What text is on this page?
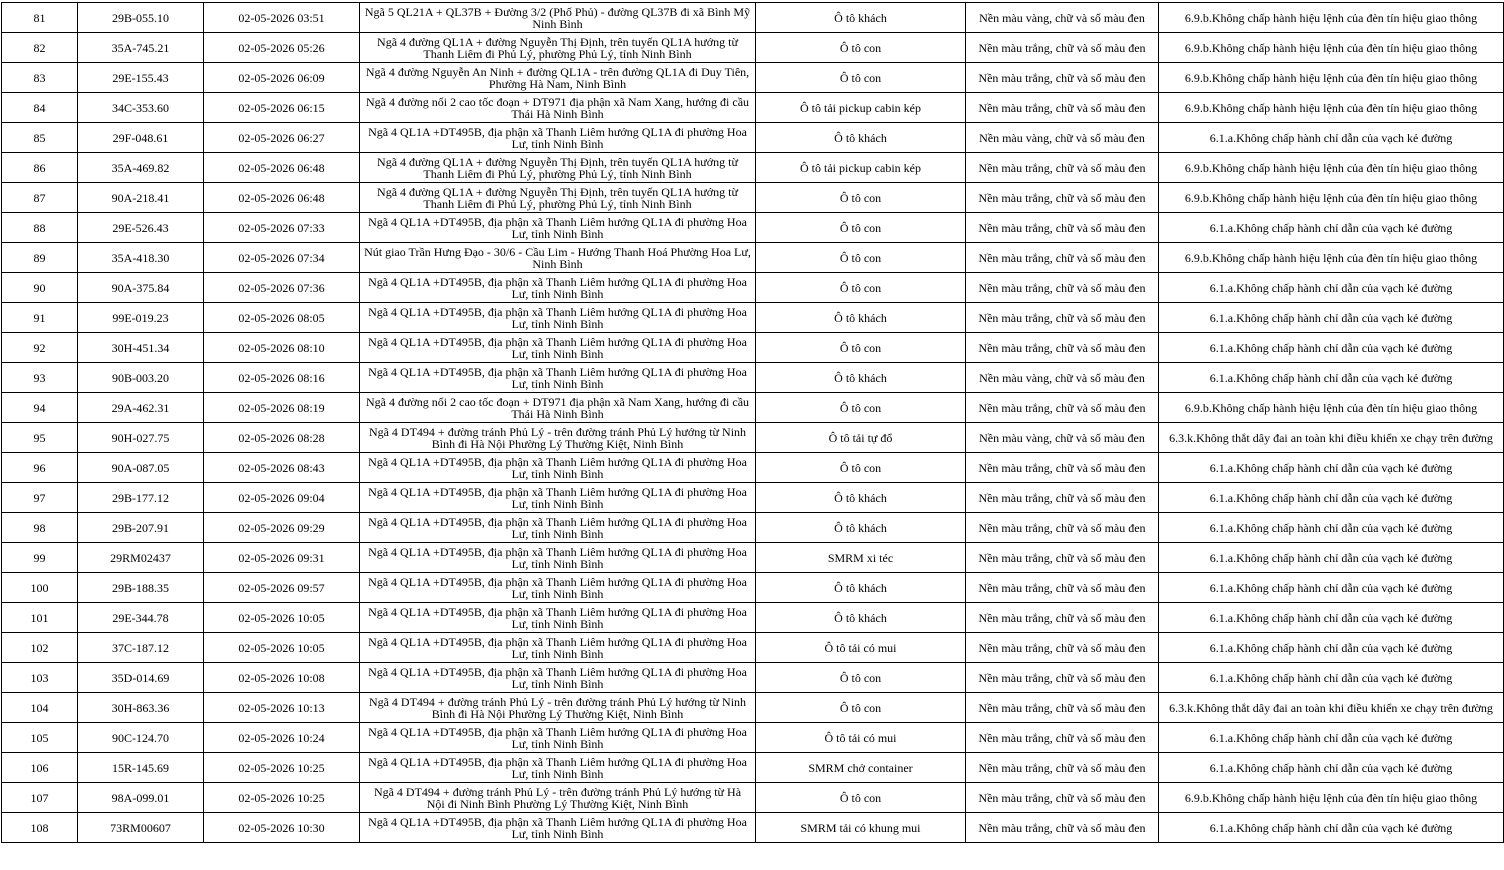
81	29B-055.10	02-05-2026 03:51	Ngã 5 QL21A + QL37B + Đường 3/2 (Phố Phủ) - đường QL37B đi xã Bình Mỹ Ninh Bình	Ô tô khách	Nền màu vàng, chữ và số màu đen	6.9.b.Không chấp hành hiệu lệnh của đèn tín hiệu giao thông
82	35A-745.21	02-05-2026 05:26	Ngã 4 đường QL1A + đường Nguyễn Thị Định, trên tuyến QL1A hướng từ Thanh Liêm đi Phủ Lý, phường Phủ Lý, tỉnh Ninh Bình	Ô tô con	Nền màu trắng, chữ và số màu đen	6.9.b.Không chấp hành hiệu lệnh của đèn tín hiệu giao thông
83	29E-155.43	02-05-2026 06:09	Ngã 4 đường Nguyễn An Ninh + đường QL1A - trên đường QL1A đi Duy Tiên, Phường Hà Nam, Ninh Bình	Ô tô con	Nền màu trắng, chữ và số màu đen	6.9.b.Không chấp hành hiệu lệnh của đèn tín hiệu giao thông
84	34C-353.60	02-05-2026 06:15	Ngã 4 đường nối 2 cao tốc đoạn + DT971 địa phận xã Nam Xang, hướng đi cầu Thái Hà Ninh Bình	Ô tô tải pickup cabin kép	Nền màu trắng, chữ và số màu đen	6.9.b.Không chấp hành hiệu lệnh của đèn tín hiệu giao thông
85	29F-048.61	02-05-2026 06:27	Ngã 4 QL1A +DT495B, địa phận xã Thanh Liêm hướng QL1A đi phường Hoa Lư, tỉnh Ninh Bình	Ô tô khách	Nền màu vàng, chữ và số màu đen	6.1.a.Không chấp hành chỉ dẫn của vạch kẻ đường
86	35A-469.82	02-05-2026 06:48	Ngã 4 đường QL1A + đường Nguyễn Thị Định, trên tuyến QL1A hướng từ Thanh Liêm đi Phủ Lý, phường Phủ Lý, tỉnh Ninh Bình	Ô tô tải pickup cabin kép	Nền màu trắng, chữ và số màu đen	6.9.b.Không chấp hành hiệu lệnh của đèn tín hiệu giao thông
87	90A-218.41	02-05-2026 06:48	Ngã 4 đường QL1A + đường Nguyễn Thị Định, trên tuyến QL1A hướng từ Thanh Liêm đi Phủ Lý, phường Phủ Lý, tỉnh Ninh Bình	Ô tô con	Nền màu trắng, chữ và số màu đen	6.9.b.Không chấp hành hiệu lệnh của đèn tín hiệu giao thông
88	29E-526.43	02-05-2026 07:33	Ngã 4 QL1A +DT495B, địa phận xã Thanh Liêm hướng QL1A đi phường Hoa Lư, tỉnh Ninh Bình	Ô tô con	Nền màu trắng, chữ và số màu đen	6.1.a.Không chấp hành chỉ dẫn của vạch kẻ đường
89	35A-418.30	02-05-2026 07:34	Nút giao Trần Hưng Đạo - 30/6 - Cầu Lim - Hướng Thanh Hoá Phường Hoa Lư, Ninh Bình	Ô tô con	Nền màu trắng, chữ và số màu đen	6.9.b.Không chấp hành hiệu lệnh của đèn tín hiệu giao thông
90	90A-375.84	02-05-2026 07:36	Ngã 4 QL1A +DT495B, địa phận xã Thanh Liêm hướng QL1A đi phường Hoa Lư, tỉnh Ninh Bình	Ô tô con	Nền màu trắng, chữ và số màu đen	6.1.a.Không chấp hành chỉ dẫn của vạch kẻ đường
91	99E-019.23	02-05-2026 08:05	Ngã 4 QL1A +DT495B, địa phận xã Thanh Liêm hướng QL1A đi phường Hoa Lư, tỉnh Ninh Bình	Ô tô khách	Nền màu trắng, chữ và số màu đen	6.1.a.Không chấp hành chỉ dẫn của vạch kẻ đường
92	30H-451.34	02-05-2026 08:10	Ngã 4 QL1A +DT495B, địa phận xã Thanh Liêm hướng QL1A đi phường Hoa Lư, tỉnh Ninh Bình	Ô tô con	Nền màu trắng, chữ và số màu đen	6.1.a.Không chấp hành chỉ dẫn của vạch kẻ đường
93	90B-003.20	02-05-2026 08:16	Ngã 4 QL1A +DT495B, địa phận xã Thanh Liêm hướng QL1A đi phường Hoa Lư, tỉnh Ninh Bình	Ô tô khách	Nền màu vàng, chữ và số màu đen	6.1.a.Không chấp hành chỉ dẫn của vạch kẻ đường
94	29A-462.31	02-05-2026 08:19	Ngã 4 đường nối 2 cao tốc đoạn + DT971 địa phận xã Nam Xang, hướng đi cầu Thái Hà Ninh Bình	Ô tô con	Nền màu trắng, chữ và số màu đen	6.9.b.Không chấp hành hiệu lệnh của đèn tín hiệu giao thông
95	90H-027.75	02-05-2026 08:28	Ngã 4 DT494 + đường tránh Phủ Lý - trên đường tránh Phủ Lý hướng từ Ninh Bình đi Hà Nội Phường Lý Thường Kiệt, Ninh Bình	Ô tô tải tự đổ	Nền màu vàng, chữ và số màu đen	6.3.k.Không thắt dây đai an toàn khi điều khiển xe chạy trên đường
96	90A-087.05	02-05-2026 08:43	Ngã 4 QL1A +DT495B, địa phận xã Thanh Liêm hướng QL1A đi phường Hoa Lư, tỉnh Ninh Bình	Ô tô con	Nền màu trắng, chữ và số màu đen	6.1.a.Không chấp hành chỉ dẫn của vạch kẻ đường
97	29B-177.12	02-05-2026 09:04	Ngã 4 QL1A +DT495B, địa phận xã Thanh Liêm hướng QL1A đi phường Hoa Lư, tỉnh Ninh Bình	Ô tô khách	Nền màu trắng, chữ và số màu đen	6.1.a.Không chấp hành chỉ dẫn của vạch kẻ đường
98	29B-207.91	02-05-2026 09:29	Ngã 4 QL1A +DT495B, địa phận xã Thanh Liêm hướng QL1A đi phường Hoa Lư, tỉnh Ninh Bình	Ô tô khách	Nền màu trắng, chữ và số màu đen	6.1.a.Không chấp hành chỉ dẫn của vạch kẻ đường
99	29RM02437	02-05-2026 09:31	Ngã 4 QL1A +DT495B, địa phận xã Thanh Liêm hướng QL1A đi phường Hoa Lư, tỉnh Ninh Bình	SMRM xi téc	Nền màu trắng, chữ và số màu đen	6.1.a.Không chấp hành chỉ dẫn của vạch kẻ đường
100	29B-188.35	02-05-2026 09:57	Ngã 4 QL1A +DT495B, địa phận xã Thanh Liêm hướng QL1A đi phường Hoa Lư, tỉnh Ninh Bình	Ô tô khách	Nền màu trắng, chữ và số màu đen	6.1.a.Không chấp hành chỉ dẫn của vạch kẻ đường
101	29E-344.78	02-05-2026 10:05	Ngã 4 QL1A +DT495B, địa phận xã Thanh Liêm hướng QL1A đi phường Hoa Lư, tỉnh Ninh Bình	Ô tô khách	Nền màu trắng, chữ và số màu đen	6.1.a.Không chấp hành chỉ dẫn của vạch kẻ đường
102	37C-187.12	02-05-2026 10:05	Ngã 4 QL1A +DT495B, địa phận xã Thanh Liêm hướng QL1A đi phường Hoa Lư, tỉnh Ninh Bình	Ô tô tải có mui	Nền màu trắng, chữ và số màu đen	6.1.a.Không chấp hành chỉ dẫn của vạch kẻ đường
103	35D-014.69	02-05-2026 10:08	Ngã 4 QL1A +DT495B, địa phận xã Thanh Liêm hướng QL1A đi phường Hoa Lư, tỉnh Ninh Bình	Ô tô con	Nền màu trắng, chữ và số màu đen	6.1.a.Không chấp hành chỉ dẫn của vạch kẻ đường
104	30H-863.36	02-05-2026 10:13	Ngã 4 DT494 + đường tránh Phủ Lý - trên đường tránh Phủ Lý hướng từ Ninh Bình đi Hà Nội Phường Lý Thường Kiệt, Ninh Bình	Ô tô con	Nền màu trắng, chữ và số màu đen	6.3.k.Không thắt dây đai an toàn khi điều khiển xe chạy trên đường
105	90C-124.70	02-05-2026 10:24	Ngã 4 QL1A +DT495B, địa phận xã Thanh Liêm hướng QL1A đi phường Hoa Lư, tỉnh Ninh Bình	Ô tô tải có mui	Nền màu trắng, chữ và số màu đen	6.1.a.Không chấp hành chỉ dẫn của vạch kẻ đường
106	15R-145.69	02-05-2026 10:25	Ngã 4 QL1A +DT495B, địa phận xã Thanh Liêm hướng QL1A đi phường Hoa Lư, tỉnh Ninh Bình	SMRM chở container	Nền màu trắng, chữ và số màu đen	6.1.a.Không chấp hành chỉ dẫn của vạch kẻ đường
107	98A-099.01	02-05-2026 10:25	Ngã 4 DT494 + đường tránh Phủ Lý - trên đường tránh Phủ Lý hướng từ Hà Nội đi Ninh Bình Phường Lý Thường Kiệt, Ninh Bình	Ô tô con	Nền màu trắng, chữ và số màu đen	6.9.b.Không chấp hành hiệu lệnh của đèn tín hiệu giao thông
108	73RM00607	02-05-2026 10:30	Ngã 4 QL1A +DT495B, địa phận xã Thanh Liêm hướng QL1A đi phường Hoa Lư, tỉnh Ninh Bình	SMRM tải có khung mui	Nền màu trắng, chữ và số màu đen	6.1.a.Không chấp hành chỉ dẫn của vạch kẻ đường
